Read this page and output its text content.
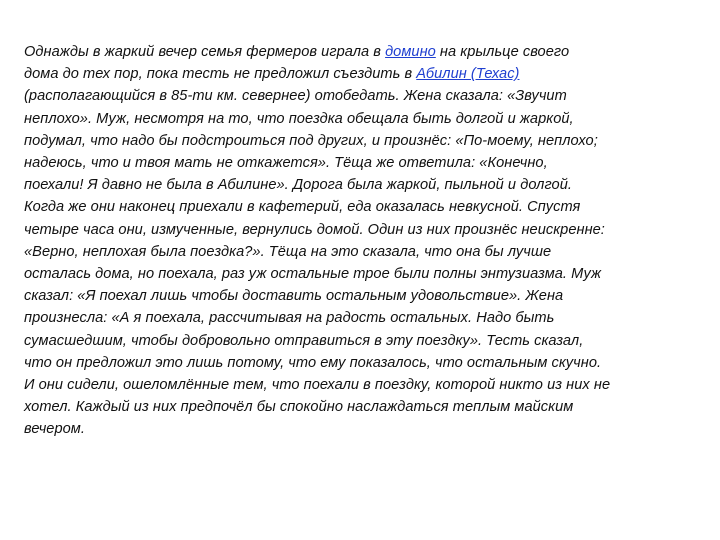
Однажды в жаркий вечер семья фермеров играла в домино на крыльце своего
дома до тех пор, пока тесть не предложил съездить в Абилин (Техас)
(располагающийся в 85-ти км. севернее) отобедать. Жена сказала: «Звучит
неплохо». Муж, несмотря на то, что поездка обещала быть долгой и жаркой,
подумал, что надо бы подстроиться под других, и произнёс: «По-моему, неплохо;
надеюсь, что и твоя мать не откажется». Тёща же ответила: «Конечно,
поехали! Я давно не была в Абилине». Дорога была жаркой, пыльной и долгой.
Когда же они наконец приехали в кафетерий, еда оказалась невкусной. Спустя
четыре часа они, измученные, вернулись домой. Один из них произнёс неискренне:
«Верно, неплохая была поездка?». Тёща на это сказала, что она бы лучше
осталась дома, но поехала, раз уж остальные трое были полны энтузиазма. Муж
сказал: «Я поехал лишь чтобы доставить остальным удовольствие». Жена
произнесла: «А я поехала, рассчитывая на радость остальных. Надо быть
сумасшедшим, чтобы добровольно отправиться в эту поездку». Тесть сказал,
что он предложил это лишь потому, что ему показалось, что остальным скучно.
И они сидели, ошеломлённые тем, что поехали в поездку, которой никто из них не
хотел. Каждый из них предпочёл бы спокойно наслаждаться теплым майским
вечером.
